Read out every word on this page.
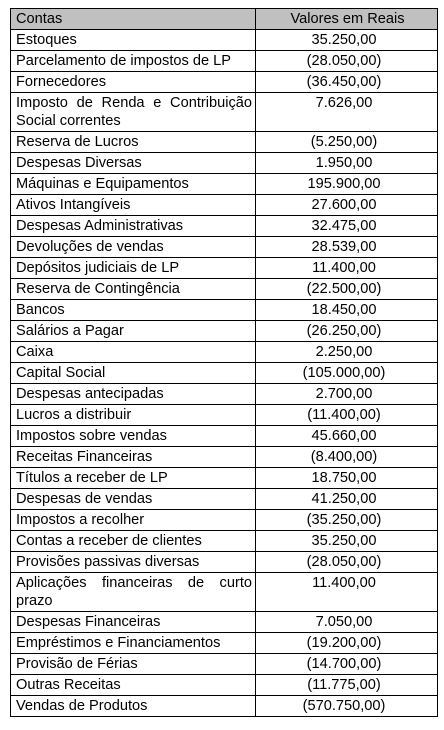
Contas	Valores em Reais
Estoques	35.250,00
Parcelamento de impostos de LP	(28.050,00)
Fornecedores	(36.450,00)
Imposto de Renda e Contribuição Social correntes	7.626,00
Reserva de Lucros	(5.250,00)
Despesas Diversas	1.950,00
Máquinas e Equipamentos	195.900,00
Ativos Intangíveis	27.600,00
Despesas Administrativas	32.475,00
Devoluções de vendas	28.539,00
Depósitos judiciais de LP	11.400,00
Reserva de Contingência	(22.500,00)
Bancos	18.450,00
Salários a Pagar	(26.250,00)
Caixa	2.250,00
Capital Social	(105.000,00)
Despesas antecipadas	2.700,00
Lucros a distribuir	(11.400,00)
Impostos sobre vendas	45.660,00
Receitas Financeiras	(8.400,00)
Títulos a receber de LP	18.750,00
Despesas de vendas	41.250,00
Impostos a recolher	(35.250,00)
Contas a receber de clientes	35.250,00
Provisões passivas diversas	(28.050,00)
Aplicações financeiras de curto prazo	11.400,00
Despesas Financeiras	7.050,00
Empréstimos e Financiamentos	(19.200,00)
Provisão de Férias	(14.700,00)
Outras Receitas	(11.775,00)
Vendas de Produtos	(570.750,00)
